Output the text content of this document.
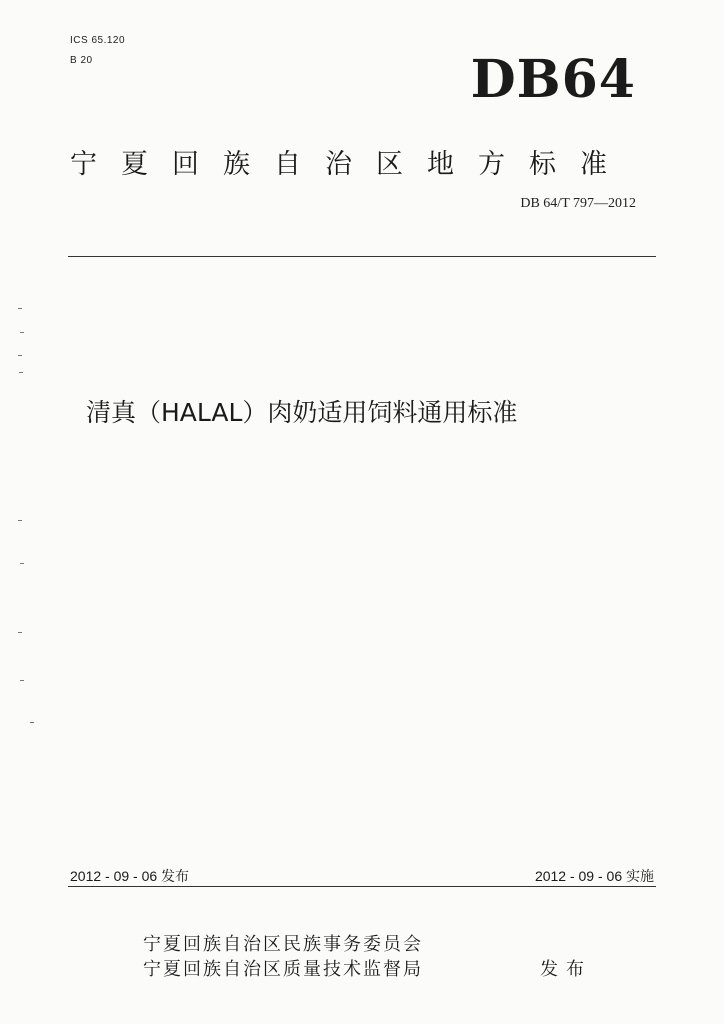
ICS 65.120
B 20	DB64
宁夏回族自治区地方标准
DB 64/T 797—2012
清真（HALAL）肉奶适用饲料通用标准
2012 - 09 - 06 发布	2012 - 09 - 06 实施
宁夏回族自治区民族事务委员会
宁夏回族自治区质量技术监督局	发布
